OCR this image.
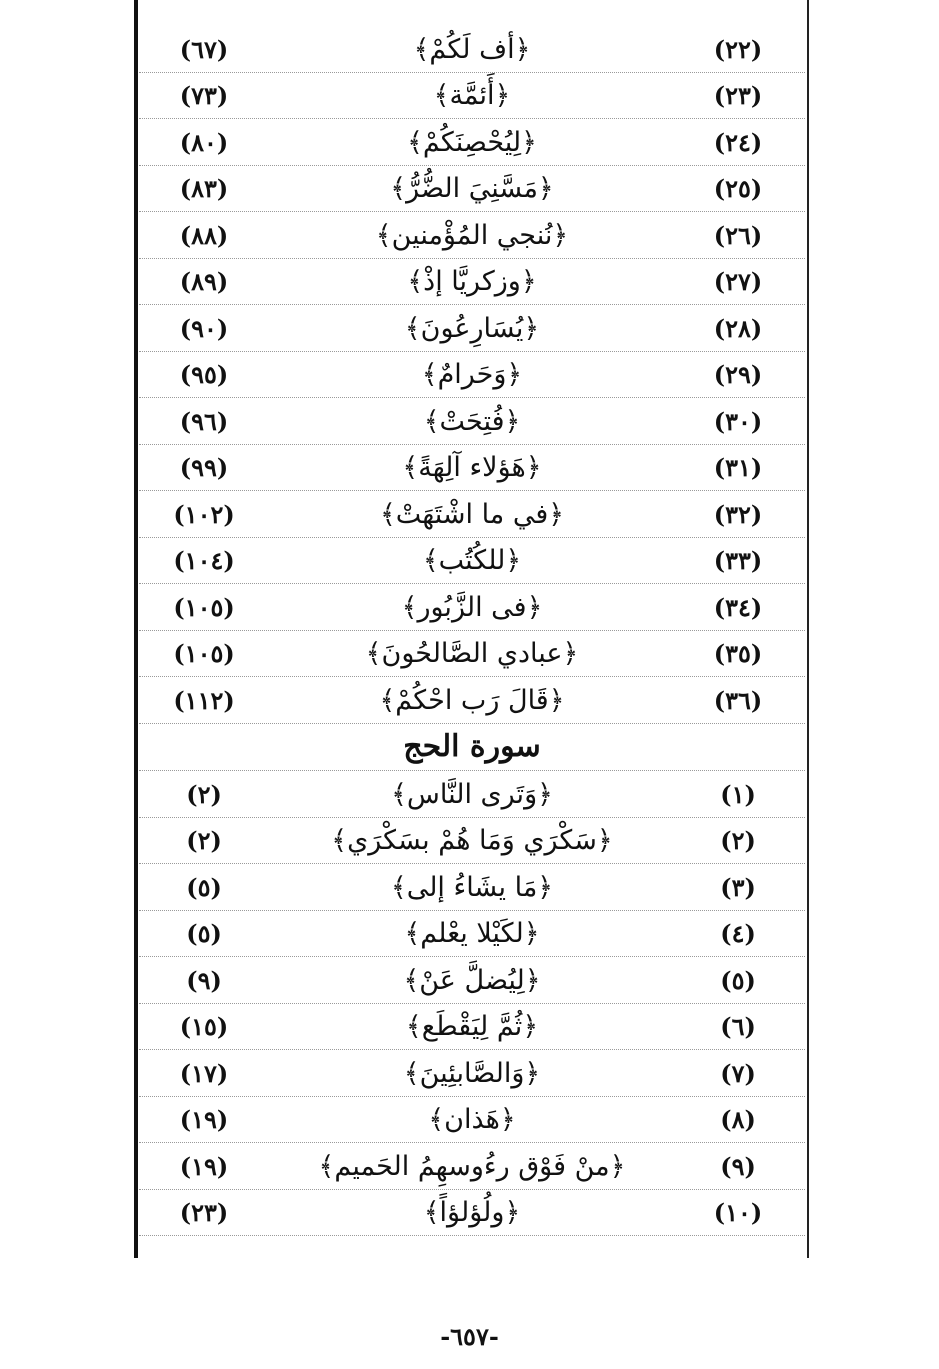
(٢٢)
﴿أف لَكُمْ﴾
(٦٧)
(٢٣)
﴿أَئمَّة﴾
(٧٣)
(٢٤)
﴿لِيُحْصِنَكُمْ﴾
(٨٠)
(٢٥)
﴿مَسَّنِيَ الضُّرُّ﴾
(٨٣)
(٢٦)
﴿نُنجي المُؤْمنين﴾
(٨٨)
(٢٧)
﴿وزكريَّا إذْ﴾
(٨٩)
(٢٨)
﴿يُسَارِعُونَ﴾
(٩٠)
(٢٩)
﴿وَحَرامٌ﴾
(٩٥)
(٣٠)
﴿فُتِحَتْ﴾
(٩٦)
(٣١)
﴿هَؤلاء آلِهَةً﴾
(٩٩)
(٣٢)
﴿في ما اشْتَهَتْ﴾
(١٠٢)
(٣٣)
﴿للكُتُب﴾
(١٠٤)
(٣٤)
﴿فى الزَّبُور﴾
(١٠٥)
(٣٥)
﴿عبادي الصَّالحُونَ﴾
(١٠٥)
(٣٦)
﴿قَالَ رَب احْكُمْ﴾
(١١٢)
سورة الحج
(١)
﴿وَتَرى النَّاس﴾
(٢)
(٢)
﴿سَكْرَي وَمَا هُمْ بسَكْرَي﴾
(٢)
(٣)
﴿مَا يشَاءُ إلى﴾
(٥)
(٤)
﴿لكَيْلا يعْلم﴾
(٥)
(٥)
﴿لِيُضلَّ عَنْ﴾
(٩)
(٦)
﴿ثُمَّ لِيَقْطَع﴾
(١٥)
(٧)
﴿وَالصَّابئِينَ﴾
(١٧)
(٨)
﴿هَذان﴾
(١٩)
(٩)
﴿منْ فَوْق رءُوسهِمُ الحَميم﴾
(١٩)
(١٠)
﴿ولُؤلؤاً﴾
(٢٣)
-٦٥٧-
